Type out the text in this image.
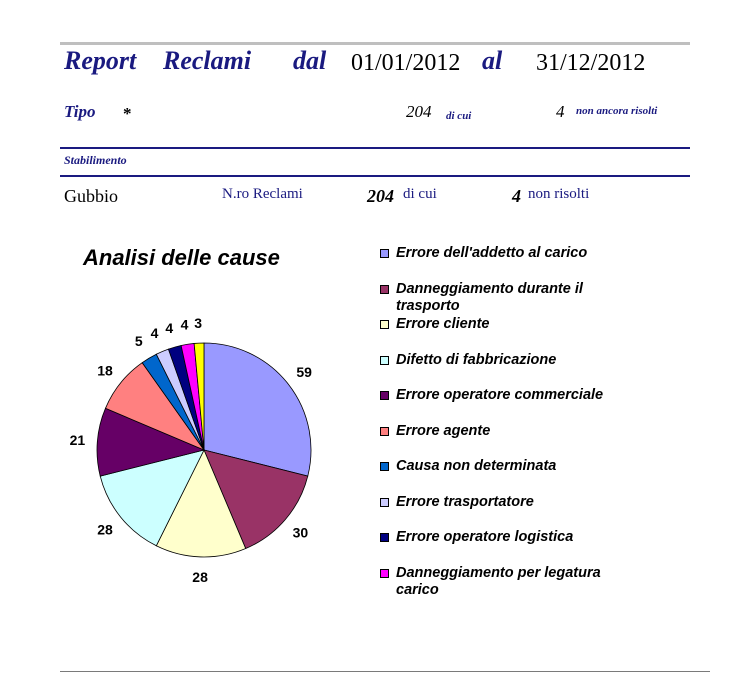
Report Reclami dal 01/01/2012 al 31/12/2012
Tipo *	204 di cui	4 non ancora risolti
Stabilimento
Gubbio	N.ro Reclami	204 di cui	4 non risolti
Analisi delle cause
59
30
28
28
21
18
5 4 4 4 3
Errore dell'addetto al carico
Danneggiamento durante il trasporto
Errore cliente
Difetto di fabbricazione
Errore operatore commerciale
Errore agente
Causa non determinata
Errore trasportatore
Errore operatore logistica
Danneggiamento per legatura carico
